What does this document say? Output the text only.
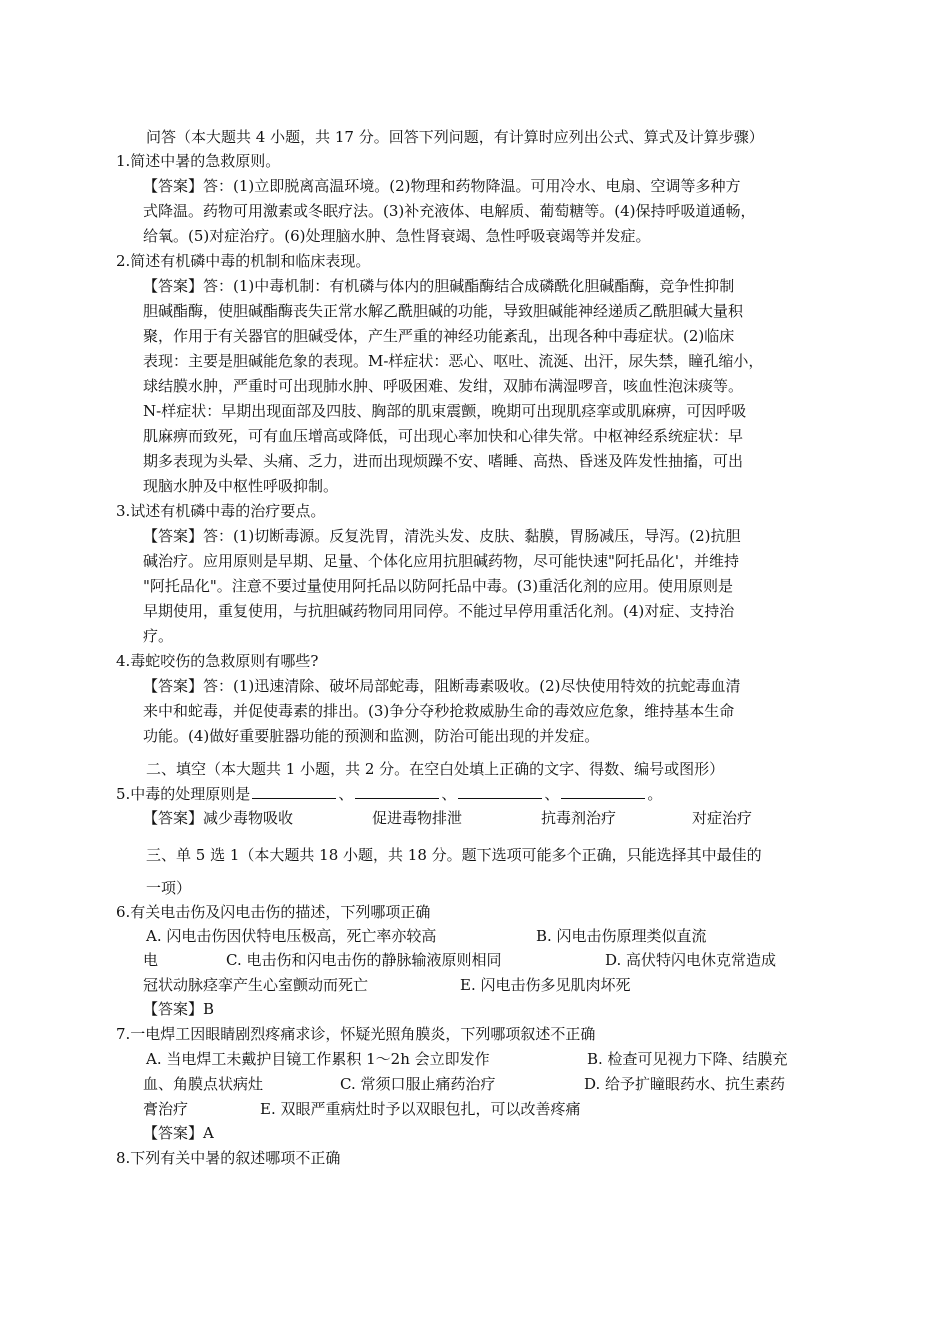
问答（本大题共 4 小题，共 17 分。回答下列问题，有计算时应列出公式、算式及计算步骤）
1.简述中暑的急救原则。
【答案】答：(1)立即脱离高温环境。(2)物理和药物降温。可用冷水、电扇、空调等多种方
式降温。药物可用激素或冬眠疗法。(3)补充液体、电解质、葡萄糖等。(4)保持呼吸道通畅，
给氧。(5)对症治疗。(6)处理脑水肿、急性肾衰竭、急性呼吸衰竭等并发症。
2.简述有机磷中毒的机制和临床表现。
【答案】答：(1)中毒机制：有机磷与体内的胆碱酯酶结合成磷酰化胆碱酯酶，竞争性抑制
胆碱酯酶，使胆碱酯酶丧失正常水解乙酰胆碱的功能，导致胆碱能神经递质乙酰胆碱大量积
聚，作用于有关器官的胆碱受体，产生严重的神经功能紊乱，出现各种中毒症状。(2)临床
表现：主要是胆碱能危象的表现。M-样症状：恶心、呕吐、流涎、出汗，尿失禁，瞳孔缩小，
球结膜水肿，严重时可出现肺水肿、呼吸困难、发绀，双肺布满湿啰音，咳血性泡沫痰等。
N-样症状：早期出现面部及四肢、胸部的肌束震颤，晚期可出现肌痉挛或肌麻痹，可因呼吸
肌麻痹而致死，可有血压增高或降低，可出现心率加快和心律失常。中枢神经系统症状：早
期多表现为头晕、头痛、乏力，进而出现烦躁不安、嗜睡、高热、昏迷及阵发性抽搐，可出
现脑水肿及中枢性呼吸抑制。
3.试述有机磷中毒的治疗要点。
【答案】答：(1)切断毒源。反复洗胃，清洗头发、皮肤、黏膜，胃肠减压，导泻。(2)抗胆
碱治疗。应用原则是早期、足量、个体化应用抗胆碱药物，尽可能快速"阿托品化'，并维持
"阿托品化"。注意不要过量使用阿托品以防阿托品中毒。(3)重活化剂的应用。使用原则是
早期使用，重复使用，与抗胆碱药物同用同停。不能过早停用重活化剂。(4)对症、支持治
疗。
4.毒蛇咬伤的急救原则有哪些?
【答案】答：(1)迅速清除、破坏局部蛇毒，阻断毒素吸收。(2)尽快使用特效的抗蛇毒血清
来中和蛇毒，并促使毒素的排出。(3)争分夺秒抢救威胁生命的毒效应危象，维持基本生命
功能。(4)做好重要脏器功能的预测和监测，防治可能出现的并发症。
二、填空（本大题共 1 小题，共 2 分。在空白处填上正确的文字、得数、编号或图形）
5.中毒的处理原则是	、	、	、	。
【答案】减少毒物吸收	促进毒物排泄	抗毒剂治疗	对症治疗
三、单 5 选 1（本大题共 18 小题，共 18 分。题下选项可能多个正确，只能选择其中最佳的
一项）
6.有关电击伤及闪电击伤的描述，下列哪项正确
A. 闪电击伤因伏特电压极高，死亡率亦较高	B. 闪电击伤原理类似直流
电	C. 电击伤和闪电击伤的静脉输液原则相同	D. 高伏特闪电休克常造成
冠状动脉痉挛产生心室颤动而死亡	E. 闪电击伤多见肌肉坏死
【答案】B
7.一电焊工因眼睛剧烈疼痛求诊，怀疑光照角膜炎，下列哪项叙述不正确
A. 当电焊工未戴护目镜工作累积 1～2h 会立即发作	B. 检查可见视力下降、结膜充
血、角膜点状病灶	C. 常须口服止痛药治疗	D. 给予扩瞳眼药水、抗生素药
膏治疗	E. 双眼严重病灶时予以双眼包扎，可以改善疼痛
【答案】A
8.下列有关中暑的叙述哪项不正确
